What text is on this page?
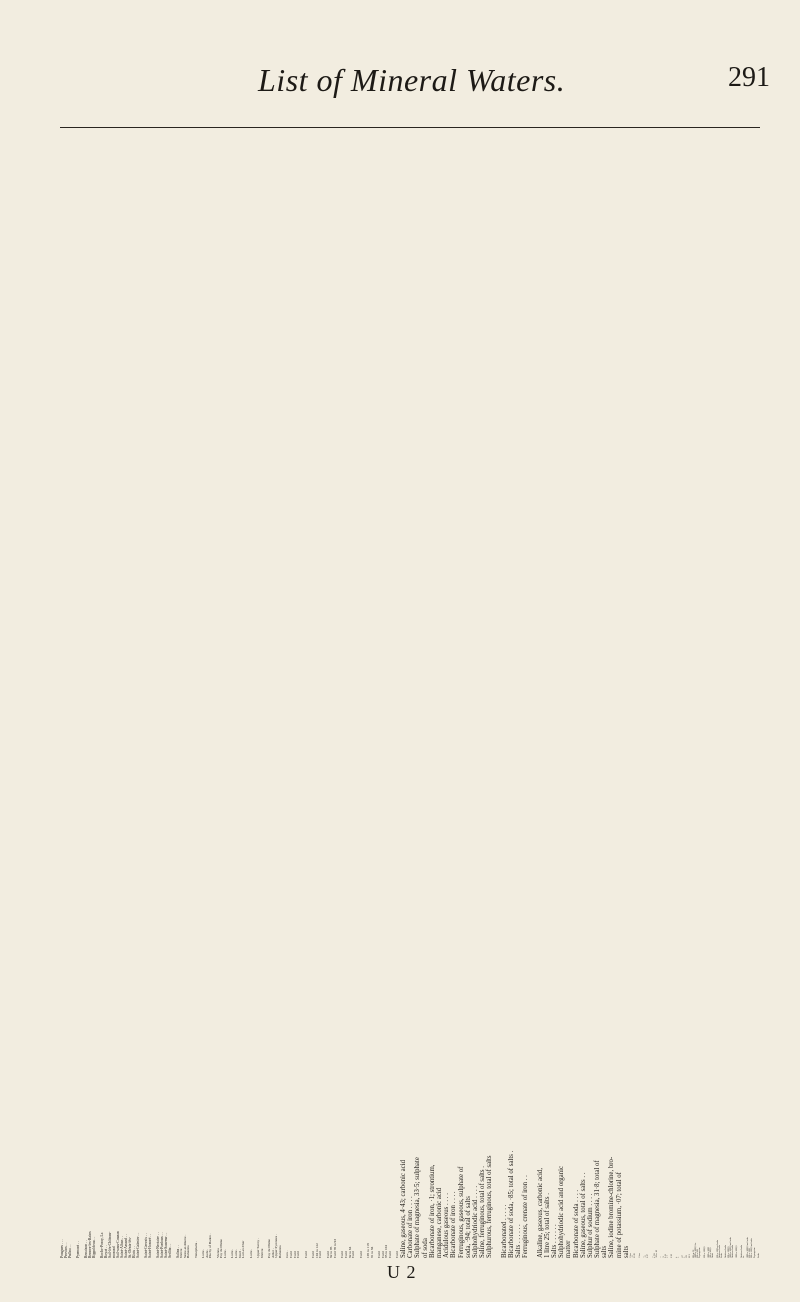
List of Mineral Waters.	291
Pougues . . . Provins . . Pullna . . Pyrmont . . Renaison . . Rennes-les-Bains Rippoldeau . . Roche-Poray, La Royat . . Sail-lès-Château- morand Sail-sous-Couzan Saint-Alban . . Saint-Amand . . St.-Dénis-lès- Blois . . Saint-Galmier . . Saint-Gervais . . Saint-Honoré . . Saint-Nectaire . . Saint-Pardoux . . Saint-Sauveur . . Sedlitz . . Salins . . Nièvre Seine-et-Marne . Bohemia Westphalia . Loire . Aude . Duchy of Baden . Vienna Puy de Dôme Loire . Loire . Loire . Nord . Loir-et-Cher Loire . Upper Savoy . Nièvre Puy de Dôme Allier . Upper Pyrenees . Bohemia Jura . Cold Cold Cold Cold Cold 104 to 122 Cold Cold 82 to 95 Cold 70 to 93 Cold Cold 82 to 64 Cold Cold 105 to 118 91 to 84 Cold Cold 95 to 104 Cold Cold Saline, gaseous, 4·43; carbonic acid Carbonate of iron . . . . Sulphate of magnesia, 33·5; sulphate of soda Bicarbonate of iron, ·1; strontium, manganese, carbonic acid Acidulous gaseous . . . . Bicarbonate of iron . . . . Ferruginous, gaseous, sulphate of soda, ·94; total of salts Sulphohydriodic acid . . . . Saline, ferruginous, total of salts . Sulphurous, ferruginous, total of salts Bicarbonated . . . . . Bicarbonate of soda, ·85; total of salts . Salts . . . . . . Ferruginous, crenate of iron . . Alkaline, gaseous, carbonic acid, 1 litre 25; total of salts . Salts . . . . . . Sulphohydriodic acid and organic matter Bicarbonate of soda . . . . Saline, gaseous, total of salts . . Sulphur of sodium . . . . Sulphate of magnesia, 31·8; total of salts Saline, iodine bromine-chlorine, bro- mine of potassium, ·07; total of salts 1 litre ·11 21·89 1 litre — ·11 2·67 — 4·152 ·50 to ·85 — ·5 2·43 1·7 2·50 4· 1· ·67 1· ·05 33·5 302 gr. 92 1000 to 3000,0 do. 250 to 500 To purgation 250 to 1000,0 1000 to 2000 100 to 300,0 Drink 250 to 1000 and baths Drink and baths Baths Drink and baths 250 to 1000,0 1000 to 2000,0 and baths Drink and baths 1000 to 2000,0 Drink and baths do. 1000 to 2000,0 and baths 250 to 1000 500 to 1000,0 and baths To purgation Baths
U 2
